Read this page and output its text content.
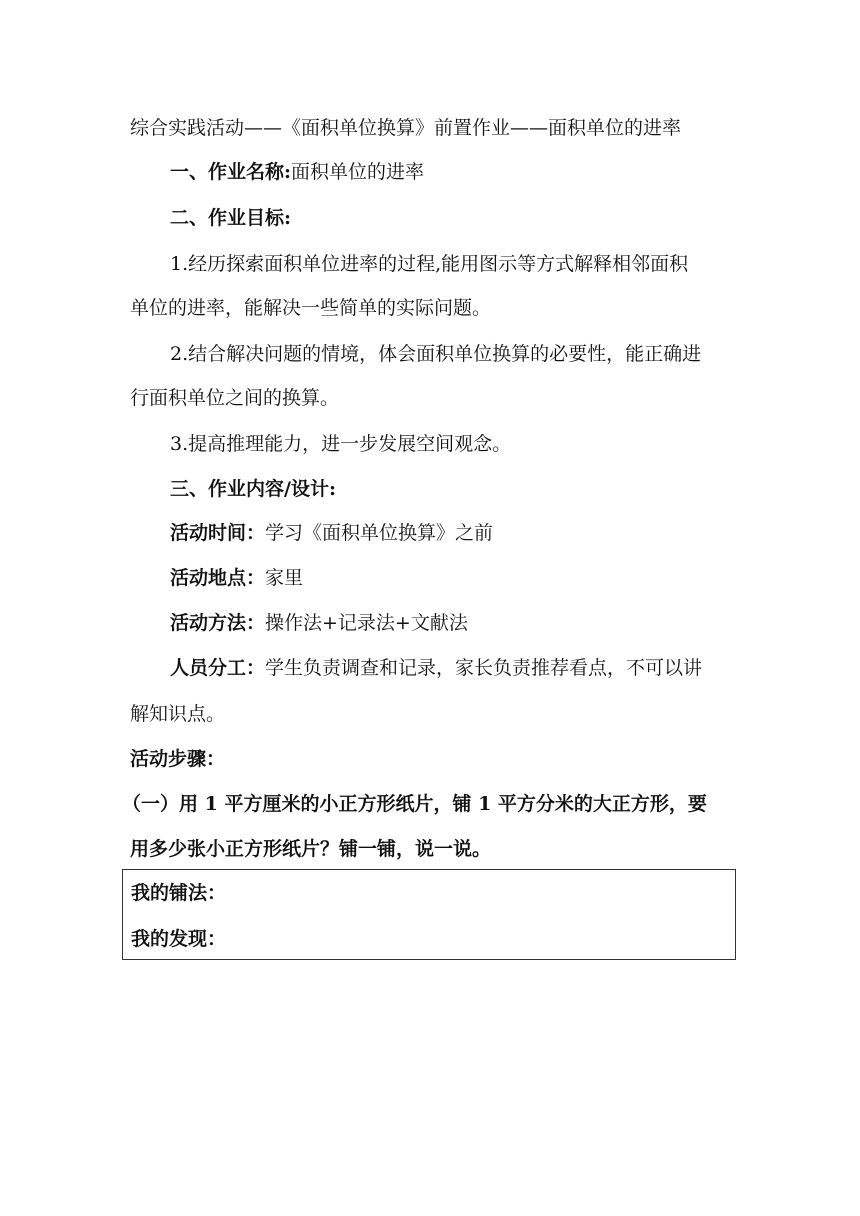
综合实践活动——《面积单位换算》前置作业——面积单位的进率
一、作业名称:面积单位的进率
二、作业目标:
1.经历探索面积单位进率的过程,能用图示等方式解释相邻面积
单位的进率，能解决一些简单的实际问题。
2.结合解决问题的情境，体会面积单位换算的必要性，能正确进
行面积单位之间的换算。
3.提高推理能力，进一步发展空间观念。
三、作业内容/设计:
活动时间：学习《面积单位换算》之前
活动地点：家里
活动方法：操作法+记录法+文献法
人员分工：学生负责调查和记录，家长负责推荐看点，不可以讲
解知识点。
活动步骤：
（一）用 1 平方厘米的小正方形纸片，铺 1 平方分米的大正方形，要
用多少张小正方形纸片？铺一铺，说一说。
我的铺法：
我的发现：
